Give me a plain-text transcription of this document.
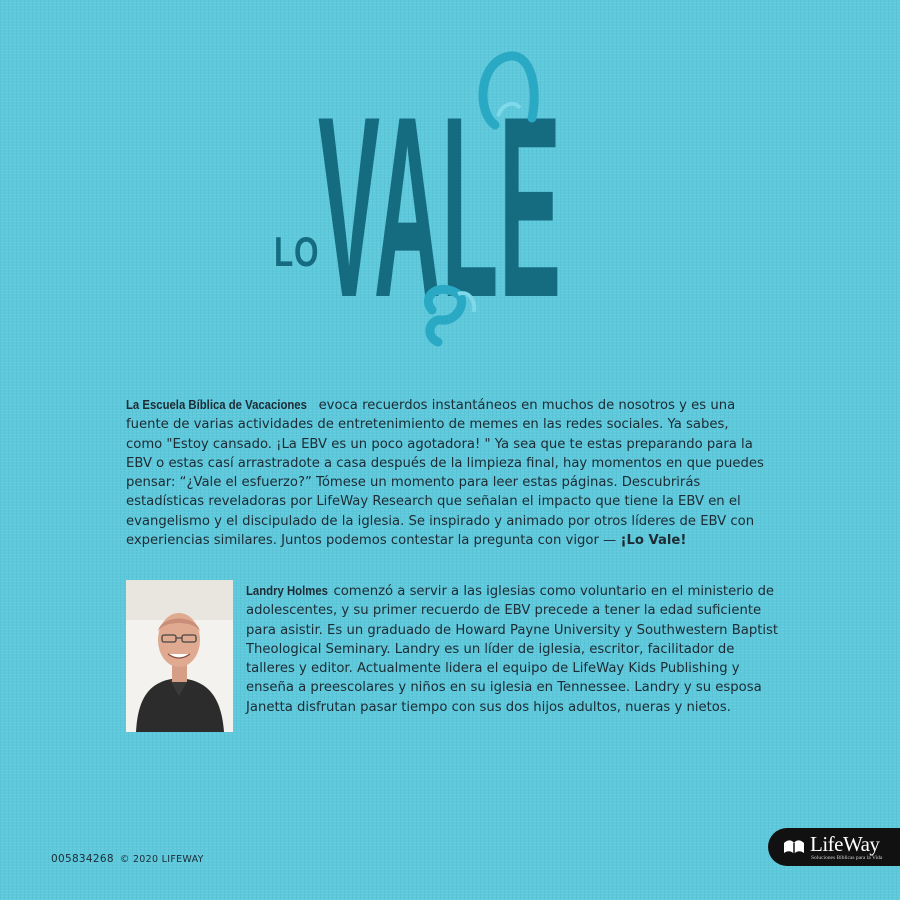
LO
VALE
La Escuela Bíblica de Vacaciones evoca recuerdos instantáneos en muchos de nosotros y es una fuente de varias actividades de entretenimiento de memes en las redes sociales. Ya sabes, como "Estoy cansado. ¡La EBV es un poco agotadora! " Ya sea que te estas preparando para la EBV o estas casí arrastradote a casa después de la limpieza final, hay momentos en que puedes pensar: “¿Vale el esfuerzo?” Tómese un momento para leer estas páginas. Descubrirás estadísticas reveladoras por LifeWay Research que señalan el impacto que tiene la EBV en el evangelismo y el discipulado de la iglesia. Se inspirado y animado por otros líderes de EBV con experiencias similares. Juntos podemos contestar la pregunta con vigor — ¡Lo Vale!
Landry Holmes comenzó a servir a las iglesias como voluntario en el ministerio de adolescentes, y su primer recuerdo de EBV precede a tener la edad suficiente para asistir. Es un graduado de Howard Payne University y Southwestern Baptist Theological Seminary. Landry es un líder de iglesia, escritor, facilitador de talleres y editor. Actualmente lidera el equipo de LifeWay Kids Publishing y enseña a preescolares y niños en su iglesia en Tennessee. Landry y su esposa Janetta disfrutan pasar tiempo con sus dos hijos adultos, nueras y nietos.
005834268 © 2020 LIFEWAY
LifeWay
Soluciones Bíblicas para la Vida
